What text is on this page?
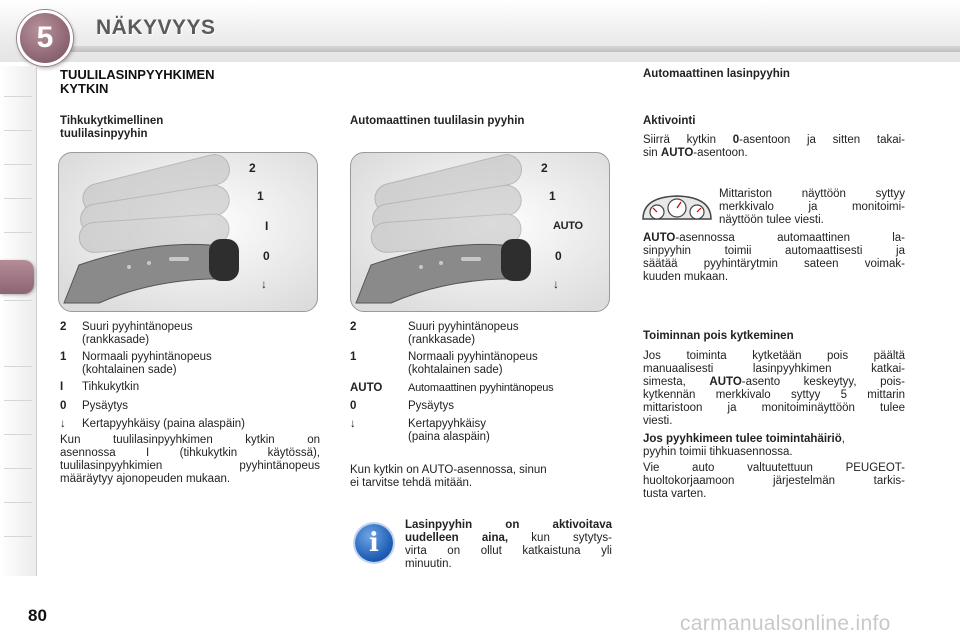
5	NÄKYVYYS
TUULILASINPYYHKIMEN
KYTKIN
Tihkukytkimellinen
tuulilasinpyyhin
2
1
I
0
↓
2 Suuri pyyhintänopeus
(rankkasade)
1 Normaali pyyhintänopeus
(kohtalainen sade)
I Tihkukytkin
0 Pysäytys
↓ Kertapyyhkäisy (paina alaspäin)
Kun tuulilasinpyyhkimen kytkin on
asennossa I (tihkukytkin käytössä),
tuulilasinpyyhkimien pyyhintänopeus
määräytyy ajonopeuden mukaan.
Automaattinen tuulilasin pyyhin
2
1
AUTO
0
↓
2	Suuri pyyhintänopeus
(rankkasade)
1	Normaali pyyhintänopeus
(kohtalainen sade)
AUTO Automaattinen pyyhintänopeus
0	Pysäytys
↓	Kertapyyhkäisy
(paina alaspäin)
Kun kytkin on AUTO-asennossa, sinun
ei tarvitse tehdä mitään.
i
Lasinpyyhin on aktivoitava
uudelleen aina, kun sytytys-
virta on ollut katkaistuna yli
minuutin.
Automaattinen lasinpyyhin
Aktivointi
Siirrä kytkin 0-asentoon ja sitten takai-
sin AUTO-asentoon.
Mittariston näyttöön syttyy
merkkivalo ja monitoimi-
näyttöön tulee viesti.
AUTO-asennossa automaattinen la-
sinpyyhin toimii automaattisesti ja
säätää pyyhintärytmin sateen voimak-
kuuden mukaan.
Toiminnan pois kytkeminen
Jos toiminta kytketään pois päältä
manuaalisesti lasinpyyhkimen katkai-
simesta, AUTO-asento keskeytyy, pois-
kytkennän merkkivalo syttyy 5 mittarin
mittaristoon ja monitoiminäyttöön tulee
viesti.
Jos pyyhkimeen tulee toimintahäiriö,
pyyhin toimii tihkuasennossa.
Vie auto valtuutettuun PEUGEOT-
huoltokorjaamoon järjestelmän tarkis-
tusta varten.
80	carmanualsonline.info
